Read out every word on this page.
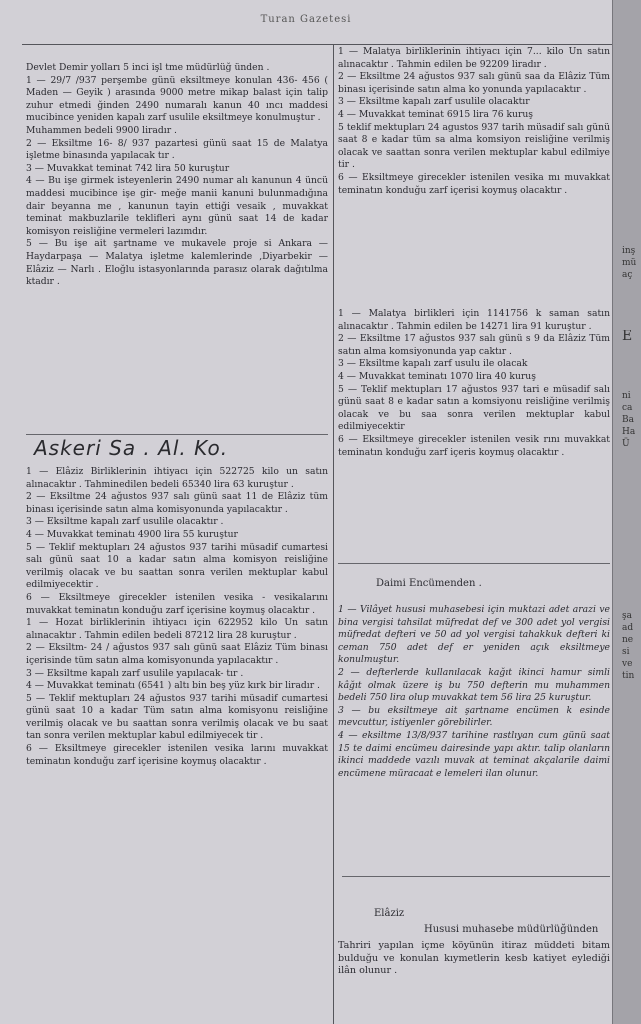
inş
mü
aç
E
ni
ca
Ba
Ha
Ü
şa
ad
ne
si
ve
tin
Turan Gazetesi

Devlet Demir yolları 5 inci işl tme müdürlüğ ünden .
1 — 29/7 /937 perşembe günü eksiltmeye konulan 436- 456 ( Maden — Geyik ) arasında 9000 metre mikap balast için talip zuhur etmedi ğinden 2490 numaralı kanun 40 ıncı maddesi mucibince yeniden kapalı zarf usulile eksiltmeye konulmuştur .
Muhammen bedeli 9900 liradır .
2 — Eksiltme 16- 8/ 937 pazartesi günü saat 15 de Malatya işletme binasında yapılacak tır .
3 — Muvakkat teminat 742 lira 50 kuruştur
4 — Bu işe girmek isteyenlerin 2490 numar alı kanunun 4 üncü maddesi mucibince işe gir- meğe manii kanuni bulunmadığına dair beyanna me , kanunun tayin ettiği vesaik , muvakkat teminat makbuzlarile teklifleri aynı günü saat 14 de kadar komisyon reisliğine vermeleri lazımdır.
5 — Bu işe ait şartname ve mukavele proje si Ankara — Haydarpaşa — Malatya işletme kalemlerinde ,Diyarbekir —Elâziz — Narlı . Eloğlu istasyonlarında parasız olarak dağıtılma ktadır .

Askeri Sa . Al. Ko.

1 — Elâziz Birliklerinin ihtiyacı için 522725 kilo un satın alınacaktır . Tahminedilen bedeli 65340 lira 63 kuruştur .
2 — Eksiltme 24 ağustos 937 salı günü saat 11 de Elâziz tüm binası içerisinde satın alma komisyonunda yapılacaktır .
3 — Eksiltme kapalı zarf usulile olacaktır .
4 — Muvakkat teminatı 4900 lira 55 kuruştur
5 — Teklif mektupları 24 ağustos 937 tarihi müsadif cumartesi salı günü saat 10 a kadar satın alma komisyon reisliğine verilmiş olacak ve bu saattan sonra verilen mektuplar kabul edilmiyecektir .
6 — Eksiltmeye girecekler istenilen vesika - vesikalarını muvakkat teminatın konduğu zarf içerisine koymuş olacaktır .
1 — Hozat birliklerinin ihtiyacı için 622952 kilo Un satın alınacaktır . Tahmin edilen bedeli 87212 lira 28 kuruştur .
2 — Eksiltm- 24 / ağustos 937 salı günü saat Elâziz Tüm binası içerisinde tüm satın alma komisyonunda yapılacaktır .
3 — Eksiltme kapalı zarf usulile yapılacak- tır .
4 — Muvakkat teminatı (6541 ) altı bin beş yüz kırk bir liradır .
5 — Teklif mektupları 24 ağustos 937 tarihi müsadif cumartesi günü saat 10 a kadar Tüm satın alma komisyonu reisliğine verilmiş olacak ve bu saattan sonra verilmiş olacak ve bu saat tan sonra verilen mektuplar kabul edilmiyecek tir .
6 — Eksiltmeye girecekler istenilen vesika larını muvakkat teminatın konduğu zarf içerisine koymuş olacaktır .

1 — Malatya birliklerinin ihtiyacı için 7... kilo Un satın alınacaktır . Tahmin edilen be 92209 liradır .
2 — Eksiltme 24 ağustos 937 salı günü saa da Elâziz Tüm binası içerisinde satın alma ko yonunda yapılacaktır .
3 — Eksiltme kapalı zarf usulile olacaktır
4 — Muvakkat teminat 6915 lira 76 kuruş
5 teklif mektupları 24 agustos 937 tarih müsadif salı günü saat 8 e kadar tüm sa alma komsiyon reisliğine verilmiş olacak ve saattan sonra verilen mektuplar kabul edilmiye tir .
6 — Eksiltmeye girecekler istenilen vesika mı muvakkat teminatın konduğu zarf içerisi koymuş olacaktır .

1 — Malatya birlikleri için 1141756 k saman satın alınacaktır . Tahmin edilen be 14271 lira 91 kuruştur .
2 — Eksiltme 17 ağustos 937 salı günü s 9 da Elâziz Tüm satın alma komsiyonunda yap caktır .
3 — Eksiltme kapalı zarf usulu ile olacak
4 — Muvakkat teminatı 1070 lira 40 kuruş
5 — Teklif mektupları 17 ağustos 937 tari e müsadif salı günü saat 8 e kadar satın a komsiyonu reisliğine verilmiş olacak ve bu saa sonra verilen mektuplar kabul edilmiyecektir
6 — Eksiltmeye girecekler istenilen vesik rını muvakkat teminatın konduğu zarf içeris koymuş olacaktır .

Daimi Encümenden .

1 — Vilâyet hususi muhasebesi için muktazi adet arazi ve bina vergisi tahsilat müfredat def ve 300 adet yol vergisi müfredat defteri ve 50 ad yol vergisi tahakkuk defteri ki ceman 750 adet def er yeniden açık eksiltmeye konulmuştur.
2 — defterlerde kullanılacak kağıt ikinci hamur simli kâğıt olmak üzere iş bu 750 defterin mu muhammen bedeli 750 lira olup muvakkat tem 56 lira 25 kuruştur.
3 — bu eksiltmeye ait şartname encümen k esinde mevcuttur, istiyenler görebilirler.
4 — eksiltme 13/8/937 tarihine rastlıyan cum günü saat 15 te daimi encümeu dairesinde yapı aktır. talip olanların ikinci maddede vazılı muvak at teminat akçalarile daimi encümene müracaat e lemeleri ilan olunur.

Elâziz
Hususi muhasebe müdürlüğünden

Tahriri yapılan içme köyünün itiraz müddeti bitam bulduğu ve konulan kıymetlerin kesb katiyet eylediği ilân olunur .
